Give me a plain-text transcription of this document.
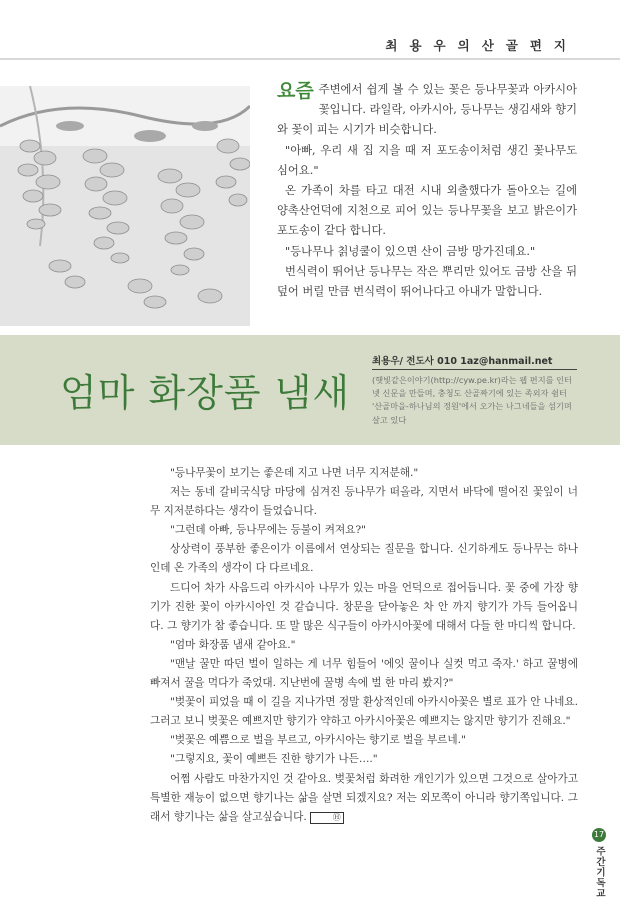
최용우의산골편지

요즘 주변에서 쉽게 볼 수 있는 꽃은 등나무꽃과 아카시아꽃입니다. 라일락, 아카시아, 등나무는 생김새와 향기와 꽃이 피는 시기가 비슷합니다.

"아빠, 우리 새 집 지을 때 저 포도송이처럼 생긴 꽃나무도 심어요."

온 가족이 차를 타고 대전 시내 외출했다가 돌아오는 길에 양촉산언덕에 지천으로 피어 있는 등나무꽃을 보고 밝은이가 포도송이 같다 합니다.

"등나무나 칡넝쿨이 있으면 산이 금방 망가진데요."

번식력이 뛰어난 등나무는 작은 뿌리만 있어도 금방 산을 뒤덮어 버릴 만큼 번식력이 뛰어나다고 아내가 말합니다.

엄마 화장품 냄새
최용우/ 전도사 010 1az@hanmail.net
(햇빛같은이야기(http://cyw.pe.kr)라는 웹 편지를 인터넷 신문을 만들며, 충청도 산골짜기에 있는 족외자 쉼터 '산골마을-하나님의 정원'에서 오가는 나그네들을 섬기며 살고 있다

"등나무꽃이 보기는 좋은데 지고 나면 너무 지저분해."

저는 동네 갈비국식당 마당에 심겨진 등나무가 떠올라, 지면서 바닥에 떨어진 꽃잎이 너무 지저분하다는 생각이 들었습니다.

"그런데 아빠, 등나무에는 등불이 켜져요?"

상상력이 풍부한 좋은이가 이름에서 연상되는 질문을 합니다. 신기하게도 등나무는 하나인데 온 가족의 생각이 다 다르네요.

드디어 차가 사음드리 아카시아 나무가 있는 마을 언덕으로 접어듭니다. 꽃 중에 가장 향기가 진한 꽃이 아카시아인 것 같습니다. 창문을 닫아놓은 차 안 까지 향기가 가득 들어옵니다. 그 향기가 참 좋습니다. 또 말 많은 식구들이 아카시아꽃에 대해서 다들 한 마디씩 합니다.

"엄마 화장품 냄새 같아요."

"맨날 꿀만 따던 벌이 일하는 게 너무 힘들어 '에잇 꿀이나 실컷 먹고 죽자.' 하고 꿀병에 빠져서 꿀을 먹다가 죽었대. 지난번에 꿀병 속에 벌 한 마리 봤지?"

"벚꽃이 피었을 때 이 길을 지나가면 정말 환상적인데 아카시아꽃은 별로 표가 안 나네요. 그러고 보니 벚꽃은 예쁘지만 향기가 약하고 아카시아꽃은 예쁘지는 않지만 향기가 진해요."

"벚꽃은 예쁨으로 벌을 부르고, 아카시아는 향기로 벌을 부르네."

"그렇지요, 꽃이 예쁘든 진한 향기가 나든…."

어쩜 사람도 마찬가지인 것 같아요. 벚꽃처럼 화려한 개인기가 있으면 그것으로 살아가고 특별한 재능이 없으면 향기나는 삶을 살면 되겠지요? 저는 외모쪽이 아니라 향기쪽입니다. 그래서 향기나는 삶을 살고싶습니다.	Ⓗ

17
주간기독교
